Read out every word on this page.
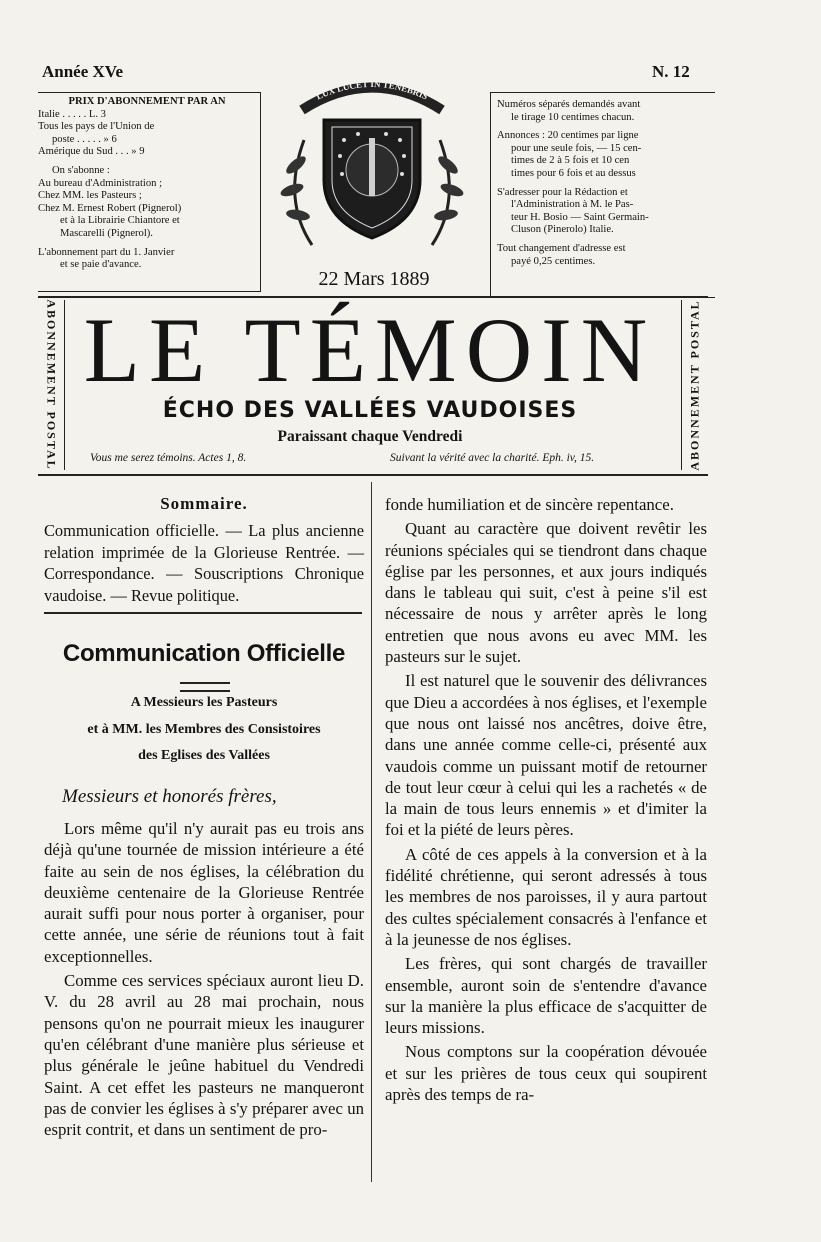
Année XVe	N. 12
PRIX D'ABONNEMENT PAR AN
Italie . . . . . L. 3
Tous les pays de l'Union de
poste . . . . . » 6
Amérique du Sud . . . » 9
On s'abonne :
Au bureau d'Administration ;
Chez MM. les Pasteurs ;
Chez M. Ernest Robert (Pignerol)
et à la Librairie Chiantore et
Mascarelli (Pignerol).
L'abonnement part du 1. Janvier
et se paie d'avance.
LUX LUCET IN TENEBRIS
22 Mars 1889
Numéros séparés demandés avant
le tirage 10 centimes chacun.
Annonces : 20 centimes par ligne
pour une seule fois, — 15 cen-
times de 2 à 5 fois et 10 cen
times pour 6 fois et au dessus
S'adresser pour la Rédaction et
l'Administration à M. le Pas-
teur H. Bosio — Saint Germain-
Cluson (Pinerolo) Italie.
Tout changement d'adresse est
payé 0,25 centimes.
ABONNEMENT POSTAL	ABONNEMENT POSTAL
LE TÉMOIN
ÉCHO DES VALLÉES VAUDOISES
Paraissant chaque Vendredi
Vous me serez témoins. Actes 1, 8.	Suivant la vérité avec la charité. Eph. iv, 15.
Sommaire.
Communication officielle. — La plus ancienne relation imprimée de la Glorieuse Rentrée. — Correspondance. — Souscriptions Chronique vaudoise. — Revue politique.
Communication Officielle
A Messieurs les Pasteurs
et à MM. les Membres des Consistoires
des Eglises des Vallées
Messieurs et honorés frères,

Lors même qu'il n'y aurait pas eu trois ans déjà qu'une tournée de mission intérieure a été faite au sein de nos églises, la célébration du deuxième centenaire de la Glorieuse Rentrée aurait suffi pour nous porter à organiser, pour cette année, une série de réunions tout à fait exceptionnelles.

Comme ces services spéciaux auront lieu D. V. du 28 avril au 28 mai prochain, nous pensons qu'on ne pourrait mieux les inaugurer qu'en célébrant d'une manière plus sérieuse et plus générale le jeûne habituel du Vendredi Saint. A cet effet les pasteurs ne manqueront pas de convier les églises à s'y préparer avec un esprit contrit, et dans un sentiment de pro-

fonde humiliation et de sincère repentance.

Quant au caractère que doivent revêtir les réunions spéciales qui se tiendront dans chaque église par les personnes, et aux jours indiqués dans le tableau qui suit, c'est à peine s'il est nécessaire de nous y arrêter après le long entretien que nous avons eu avec MM. les pasteurs sur le sujet.

Il est naturel que le souvenir des délivrances que Dieu a accordées à nos églises, et l'exemple que nous ont laissé nos ancêtres, doive être, dans une année comme celle-ci, présenté aux vaudois comme un puissant motif de retourner de tout leur cœur à celui qui les a rachetés « de la main de tous leurs ennemis » et d'imiter la foi et la piété de leurs pères.

A côté de ces appels à la conversion et à la fidélité chrétienne, qui seront adressés à tous les membres de nos paroisses, il y aura partout des cultes spécialement consacrés à l'enfance et à la jeunesse de nos églises.

Les frères, qui sont chargés de travailler ensemble, auront soin de s'entendre d'avance sur la manière la plus efficace de s'acquitter de leurs missions.

Nous comptons sur la coopération dévouée et sur les prières de tous ceux qui soupirent après des temps de ra-
